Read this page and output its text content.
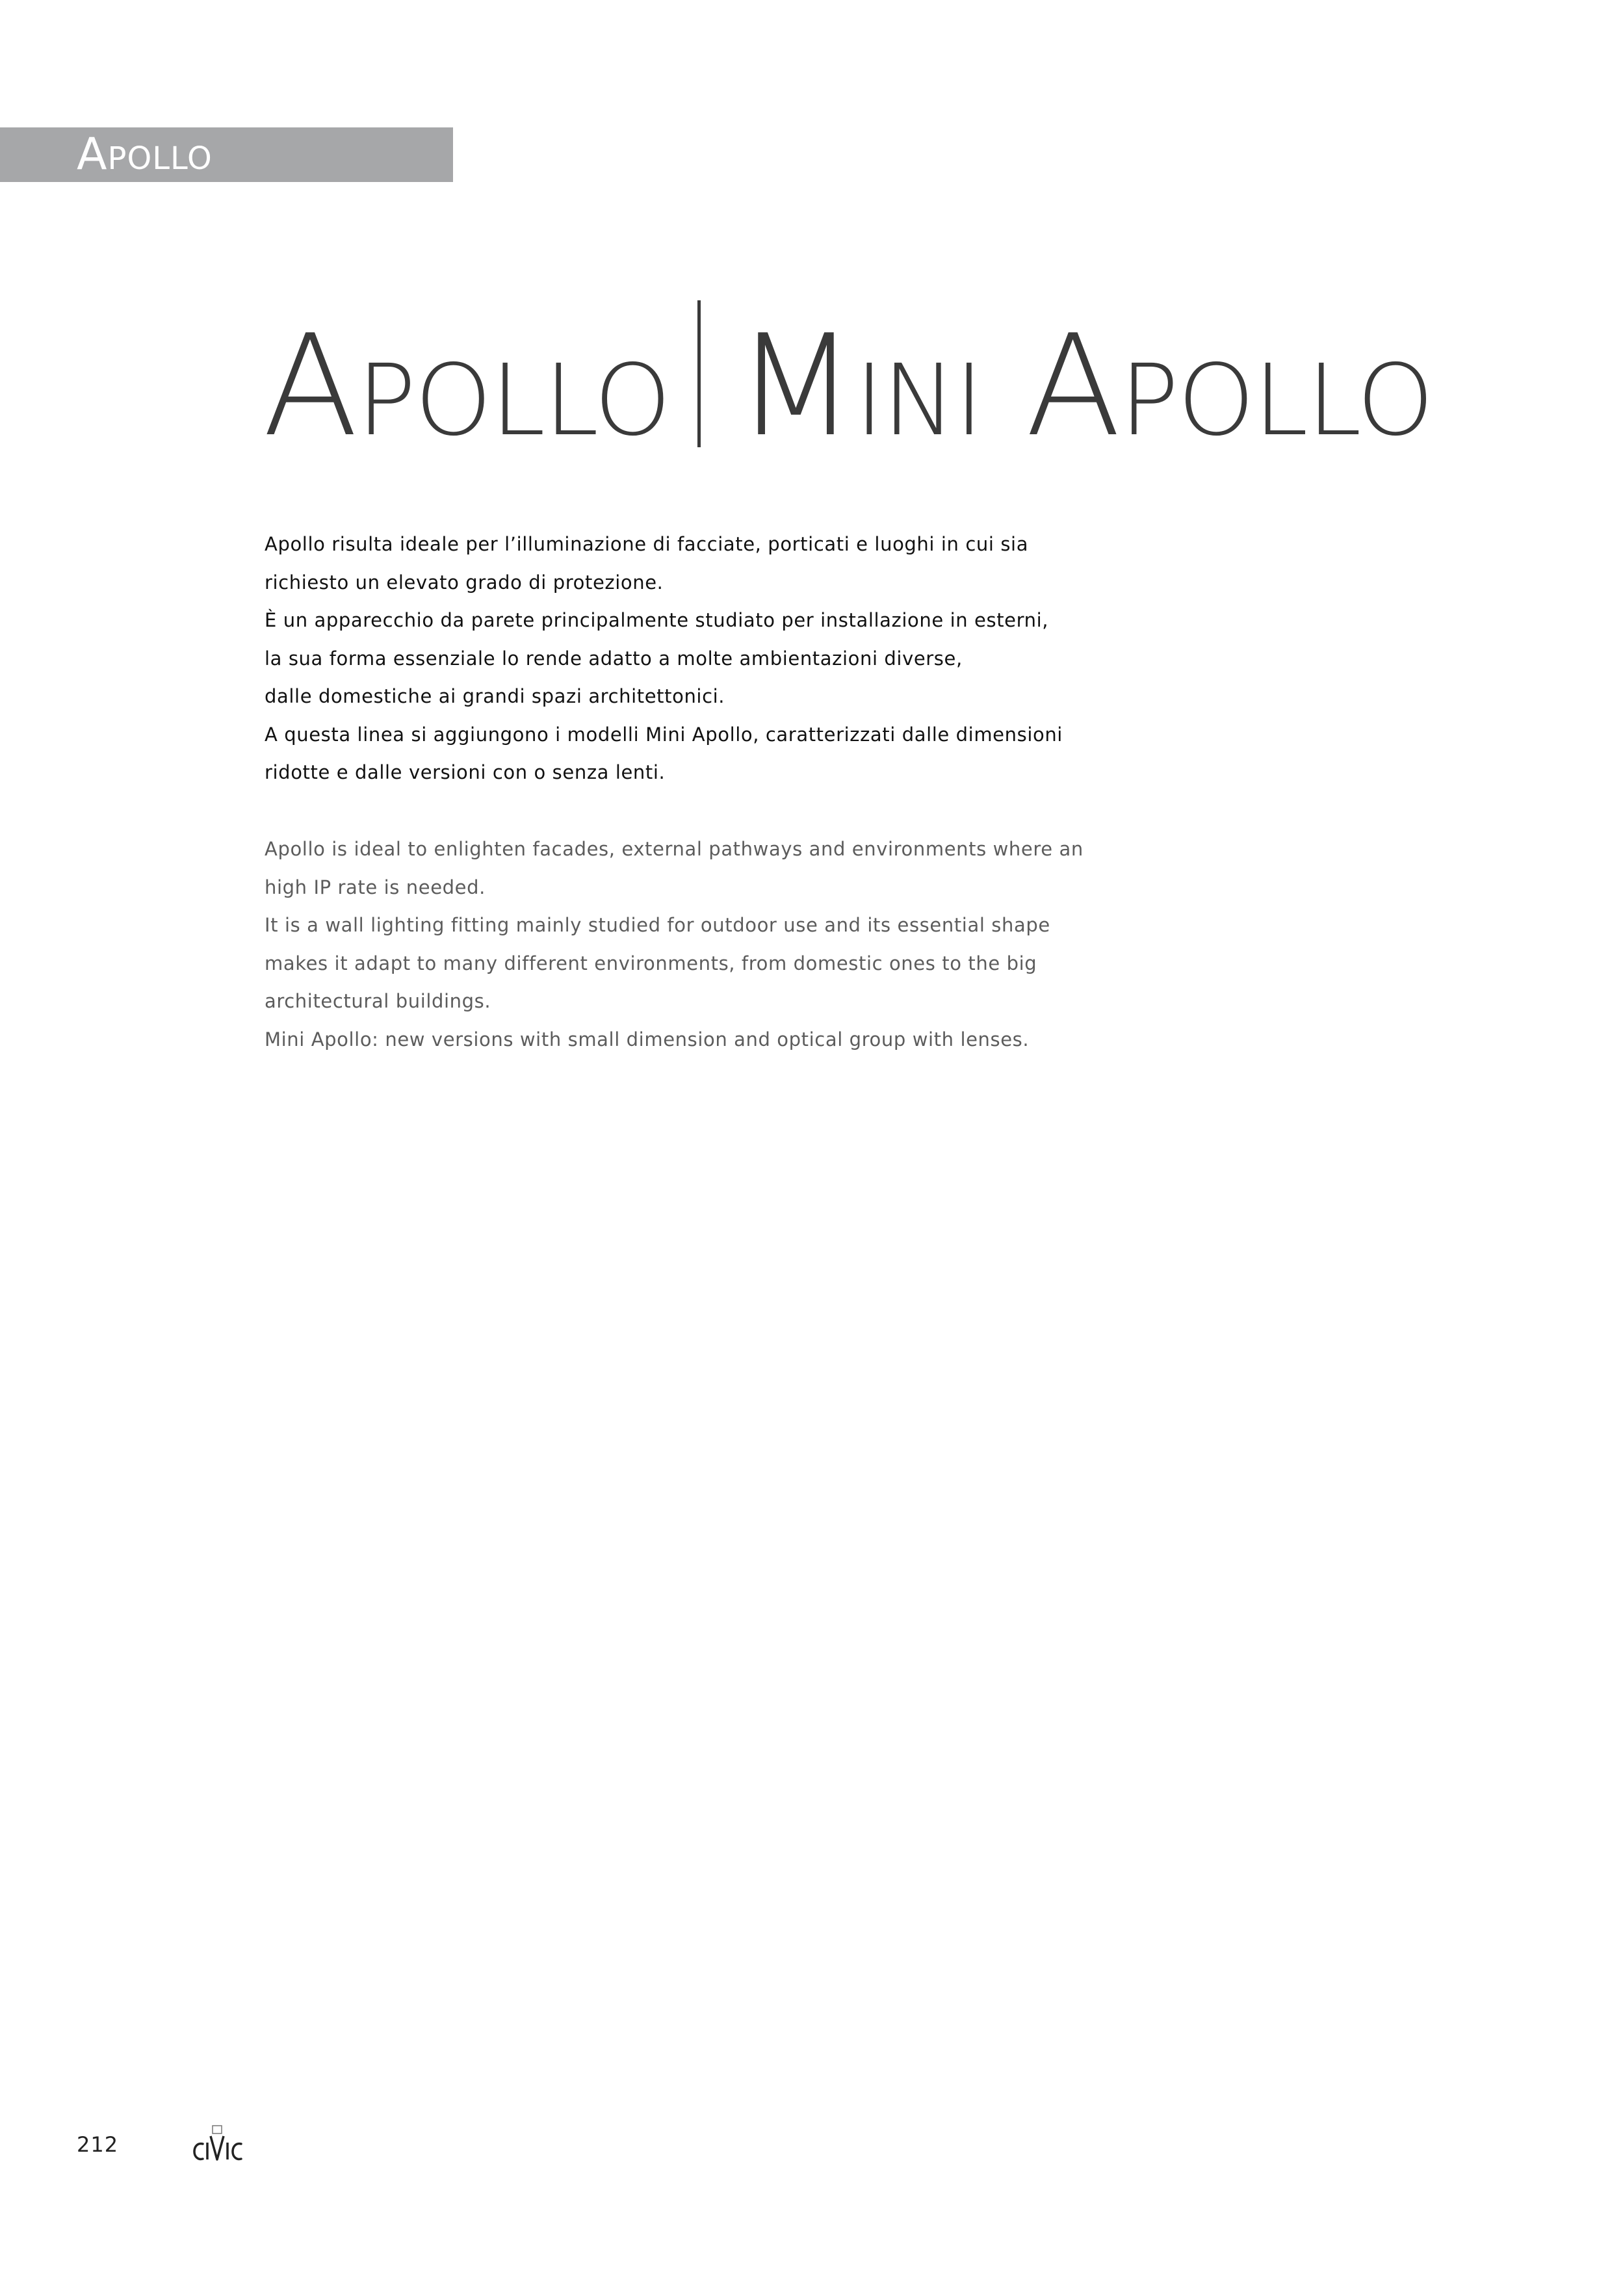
Apollo
Apollo Mini Apollo
Apollo risulta ideale per l’illuminazione di facciate, porticati e luoghi in cui sia
richiesto un elevato grado di protezione.
È un apparecchio da parete principalmente studiato per installazione in esterni,
la sua forma essenziale lo rende adatto a molte ambientazioni diverse,
dalle domestiche ai grandi spazi architettonici.
A questa linea si aggiungono i modelli Mini Apollo, caratterizzati dalle dimensioni
ridotte e dalle versioni con o senza lenti.
Apollo is ideal to enlighten facades, external pathways and environments where an
high IP rate is needed.
It is a wall lighting fitting mainly studied for outdoor use and its essential shape
makes it adapt to many different environments, from domestic ones to the big
architectural buildings.
Mini Apollo: new versions with small dimension and optical group with lenses.
212
